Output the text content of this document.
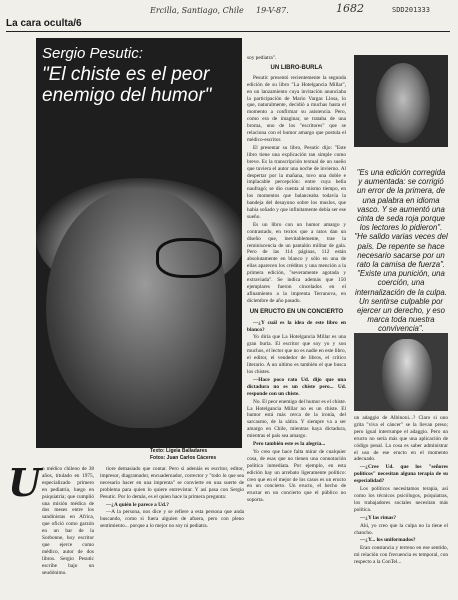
Ercilla, Santiago, Chile 19-V-87.	1682	SDD201333
La cara oculta/6
Sergio Pesutic:
"El chiste es el peor enemigo del humor"
Texto: Ligeia Balladares
Fotos: Juan Carlos Cáceres
U n médico chileno de 38 años, titulado en 1975, especializado primero en pediatría, luego en psiquiatría; que cumplió una misión médica de dos meses entre los sandinistas en Africa, que ofició como garzón en un bar de la Sorbonne, hoy escritor que ejerce como médico, autor de dos libros. Sergio Pesutic escribe bajo un seudónimo.

tiore demasiado que contar. Pero si adeniás es escritor, editor, impresor, diagramador, encuadernador, corrector y "todo lo que sea necesario hacer en una imprenta" se convierte en una suerte de problema para quien lo quiere entrevistar. Y así pasa con Sergio Pesutic. Por lo demás, es el quien hace la primera pregunta:

—¿A quién le parece a Ud.?

—A la persona, nos dice y se refiere a esta persona que anda buscando, como si fuera alguien de afuera, pero con pleno sentimiento... porque a lo mejor no soy ni pediatra.

soy pediatra".

UN LIBRO-BURLA

Pesutic presentó recientemente la segunda edición de su libro "La Hotelgancia Millar", en un lanzamiento cuya invitación anunciaba la participación de Mario Vargas Llosa, lo que, naturalmente, decidió a muchas hasta el momento a confirmar su asistencia. Pero, como era de imaginar, se trataba de una broma, uno de los "escritores" que se relaciona con el humor amargo que postula el médico-escritor.

El presentar su libro, Pesutic dijo: "Este libro tiene una explicación tan simple como breve. Es la transcripción textual de un sueño que tuviera el autor una noche de invierno. Al despertar por la mañana, tuvo una doble e implacable percepción: entre cuya bella naufragó; se dio cuenta al mismo tiempo, en los momentos que balanceaba todavía la bandeja del desayuno sobre los muslos, que había soñado y que infinitamente debía ser ese sueño.

Es un libro con un humor amargo y contrastado, en textos que a ratos dan un diseño que, inevitablemente, trae la reminiscencia de un pantalón militar de gala. Pero de las 114 páginas, 112 están absolutamente en blanco y sólo en una de ellas aparecen los créditos y una mención a la primera edición, "severamente agotada y extraviada". Se indica además que 150 ejemplares fueron cincelados en el afinamiento a la imprenta Terranova, en diciembre de año pasado.

UN ERUCTO EN UN CONCIERTO

—¿Y cuál es la idea de este libro en blanco?

Yo diría que La Hotelgancia Millar es una gran burla. El escritor que soy yo y son muchos, el lector que no es nadie en este libro, el editor, el vendedor de libros, el crítico literario. A un ultimo es también el que busca los chistes.

—Hace poco rato Ud. dijo que una dictadura no es un chiste pero... Ud. responde con un chiste.

No. El peor enemigo del humor es el chiste. La Hotelgancia Millar no es un chiste. El humor está más cerca de la ironía, del sarcasmo, de la sátira. Y siempre va a ser amargo en Chile, mientras haya dictadura, mientras el país sea amargo.

Pero también este es la alegría...

Yo creo que hace falta mirar de cualquier cosa, de esas que no tienen una connotación política inmediata. Por ejemplo, en esta edición hay un arrebato ligeramente político: creo que en el mejor de los casos es un eructo en un concierto. Un eructo, el hecho de eructar en un concierto que el público no soporta.

"Es una edición corregida y aumentada: se corrigió un error de la primera, de una palabra en idioma vasco. Y se aumentó una cinta de seda roja porque los lectores lo pidieron". "He salido varias veces del país. De repente se hace necesario sacarse por un rato la camisa de fuerza". "Existe una punición, una coerción, una internalización de la culpa. Un sentirse culpable por ejercer un derecho, y eso marca toda nuestra convivencia".

un adaggio de Albinoni...? Claro si uno grita "viva el cáncer" se la llevan preso; pero igual interrumpe el adaggio. Pero un eructo no sería más que una aplicación de código penal. La cosa es saber administrar el uso de ese eructo en el momento adecuado.

—¿Cree Ud. que los "señores políticos" necesitan alguna terapia de su especialidad?

Los políticos necesitamos terapia, así como los técnicos psicólogos, psiquiatras, los trabajadores sociales necesitan más política.

—¿Y las rimas?

Ahí, yo creo que la culpa no la tiene el chancho.

—¿Y... los uniformados?

Eran constancia y terreno en ese sentido, mi relación con frecuencia es temporal, con respecto a la ConTel...
